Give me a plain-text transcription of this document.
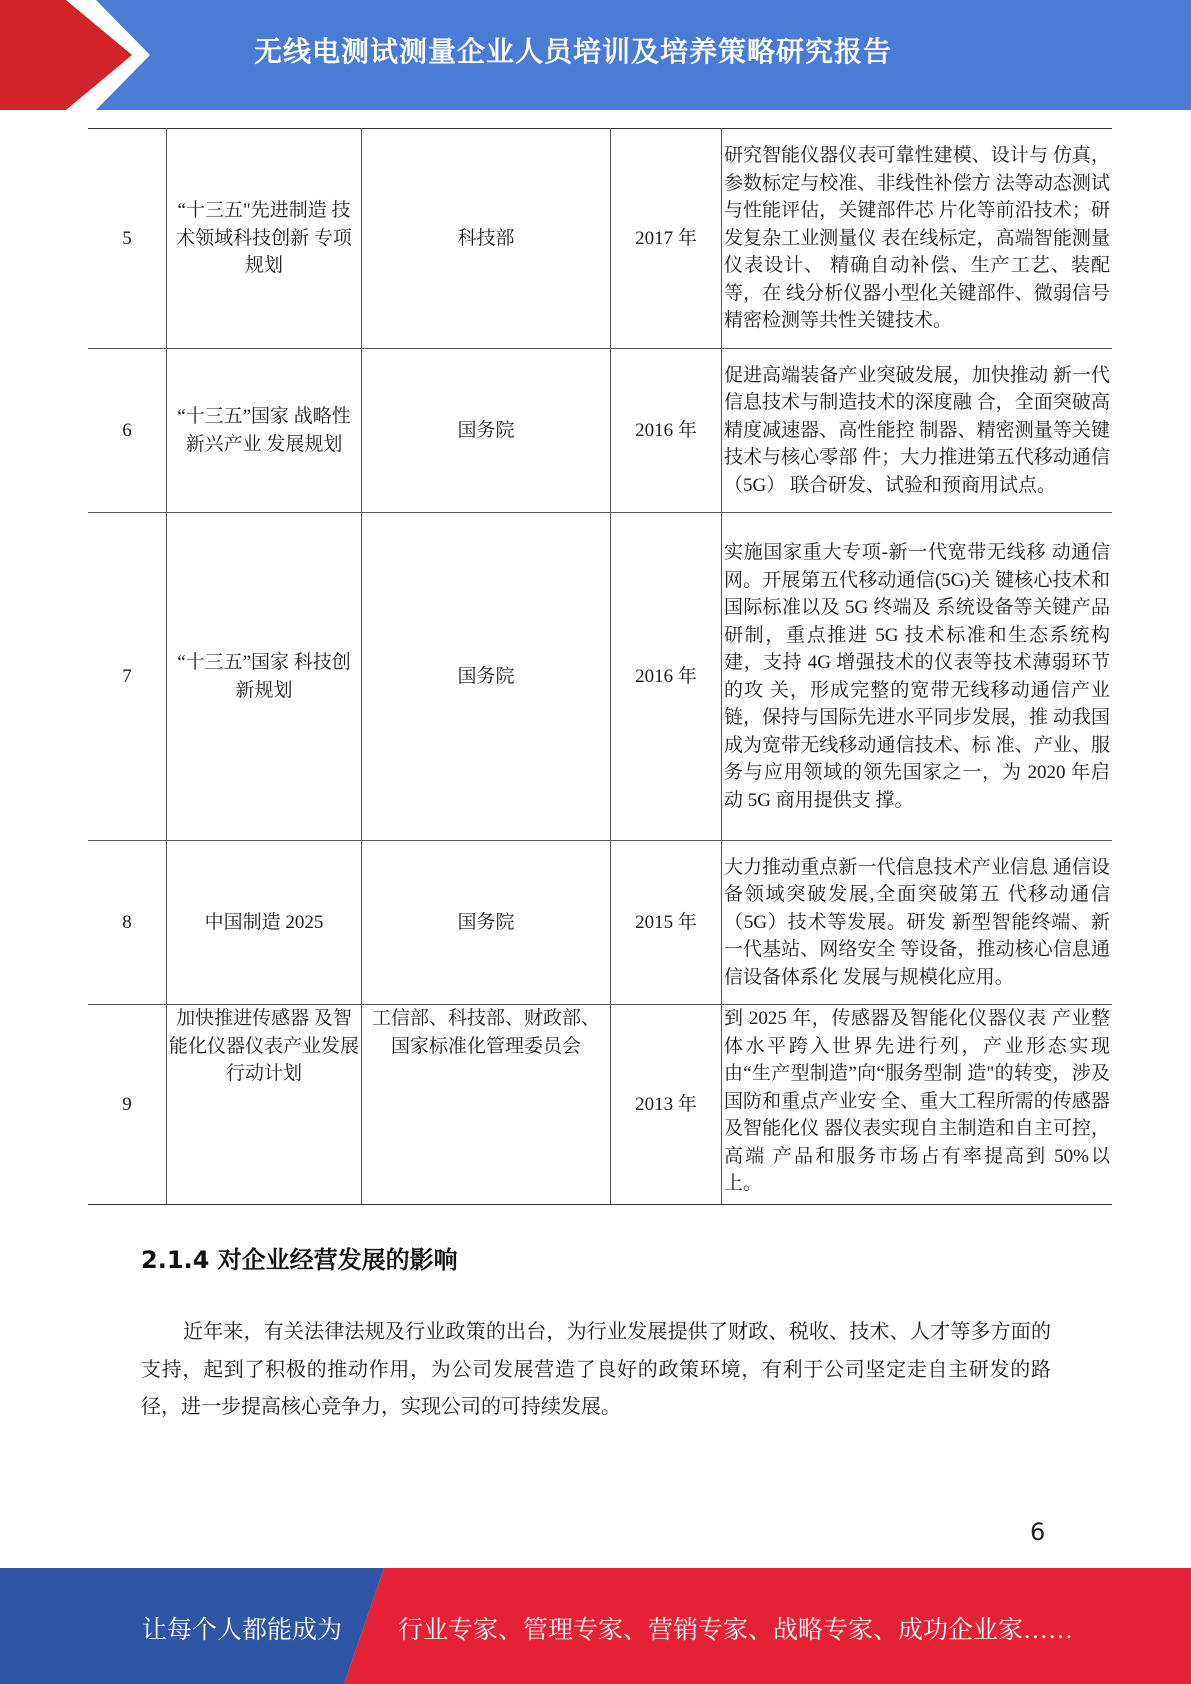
无线电测试测量企业人员培训及培养策略研究报告
5	“十三五"先进制造 技术领域科技创新 专项规划	科技部	2017 年	研究智能仪器仪表可靠性建模、设计与 仿真，参数标定与校准、非线性补偿方 法等动态测试与性能评估，关键部件芯 片化等前沿技术；研发复杂工业测量仪 表在线标定，高端智能测量仪表设计、 精确自动补偿、生产工艺、装配等，在 线分析仪器小型化关键部件、微弱信号 精密检测等共性关键技术。
6	“十三五”国家 战略性新兴产业 发展规划	国务院	2016 年	促进高端装备产业突破发展，加快推动 新一代信息技术与制造技术的深度融 合，全面突破高精度减速器、高性能控 制器、精密测量等关键技术与核心零部 件；大力推进第五代移动通信（5G） 联合研发、试验和预商用试点。
7	“十三五”国家 科技创新规划	国务院	2016 年	实施国家重大专项-新一代宽带无线移 动通信网。开展第五代移动通信(5G)关 键核心技术和国际标准以及 5G 终端及 系统设备等关键产品研制，重点推进 5G 技术标准和生态系统构建，支持 4G 增强技术的仪表等技术薄弱环节的攻 关，形成完整的宽带无线移动通信产业 链，保持与国际先进水平同步发展，推 动我国成为宽带无线移动通信技术、标 准、产业、服务与应用领域的领先国家之一，为 2020 年启动 5G 商用提供支 撑。
8	中国制造 2025	国务院	2015 年	大力推动重点新一代信息技术产业信息 通信设备领域突破发展,全面突破第五 代移动通信（5G）技术等发展。研发 新型智能终端、新一代基站、网络安全 等设备，推动核心信息通信设备体系化 发展与规模化应用。
9	加快推进传感器 及智能化仪器仪表产业发展行动计划	工信部、科技部、财政部、国家标准化管理委员会	2013 年	到 2025 年，传感器及智能化仪器仪表 产业整体水平跨入世界先进行列，产业形态实现由“生产型制造”向“服务型制 造"的转变，涉及国防和重点产业安 全、重大工程所需的传感器及智能化仪 器仪表实现自主制造和自主可控，高端 产品和服务市场占有率提高到 50%以 上。
2.1.4 对企业经营发展的影响

近年来，有关法律法规及行业政策的出台，为行业发展提供了财政、税收、技术、人才等多方面的支持，起到了积极的推动作用，为公司发展营造了良好的政策环境，有利于公司坚定走自主研发的路径，进一步提高核心竞争力，实现公司的可持续发展。

6
让每个人都能成为 行业专家、管理专家、营销专家、战略专家、成功企业家……
